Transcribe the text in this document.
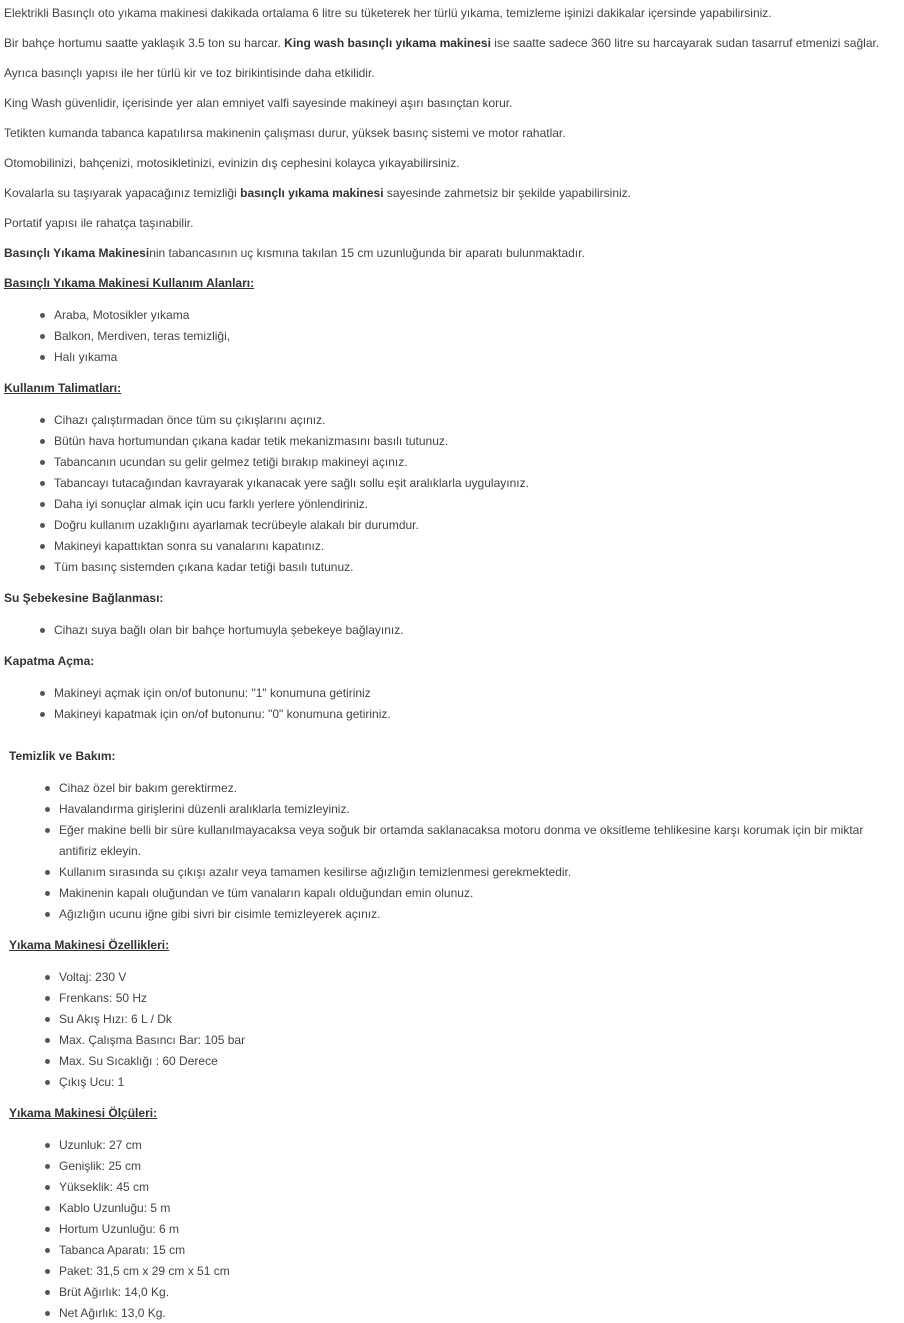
Elektrikli Basınçlı oto yıkama makinesi dakikada ortalama 6 litre su tüketerek her türlü yıkama, temizleme işinizi dakikalar içersinde yapabilirsiniz.
Bir bahçe hortumu saatte yaklaşık 3.5 ton su harcar. King wash basınçlı yıkama makinesi ise saatte sadece 360 litre su harcayarak sudan tasarruf etmenizi sağlar.
Ayrıca basınçlı yapısı ile her türlü kir ve toz birikintisinde daha etkilidir.
King Wash güvenlidir, içerisinde yer alan emniyet valfi sayesinde makineyi aşırı basınçtan korur.
Tetikten kumanda tabanca kapatılırsa makinenin çalışması durur, yüksek basınç sistemi ve motor rahatlar.
Otomobilinizi, bahçenizi, motosikletinizi, evinizin dış cephesini kolayca yıkayabilirsiniz.
Kovalarla su taşıyarak yapacağınız temizliği basınçlı yıkama makinesi sayesinde zahmetsiz bir şekilde yapabilirsiniz.
Portatif yapısı ile rahatça taşınabilir.
Basınçlı Yıkama Makinesinin tabancasının uç kısmına takılan 15 cm uzunluğunda bir aparatı bulunmaktadır.
Basınçlı Yıkama Makinesi Kullanım Alanları:
Kullanım Talimatları:
Su Şebekesine Bağlanması:
Kapatma Açma:
Temizlik ve Bakım:
Yıkama Makinesi Özellikleri:
Yıkama Makinesi Ölçüleri:
Araba, Motosikler yıkama
Balkon, Merdiven, teras temizliği,
Halı yıkama
Cihazı çalıştırmadan önce tüm su çıkışlarını açınız.
Bütün hava hortumundan çıkana kadar tetik mekanizmasını basılı tutunuz.
Tabancanın ucundan su gelir gelmez tetiği bırakıp makineyi açınız.
Tabancayı tutacağından kavrayarak yıkanacak yere sağlı sollu eşit aralıklarla uygulayınız.
Daha iyi sonuçlar almak için ucu farklı yerlere yönlendiriniz.
Doğru kullanım uzaklığını ayarlamak tecrübeyle alakalı bir durumdur.
Makineyi kapattıktan sonra su vanalarını kapatınız.
Tüm basınç sistemden çıkana kadar tetiği basılı tutunuz.
Cihazı suya bağlı olan bir bahçe hortumuyla şebekeye bağlayınız.
Makineyi açmak için on/of butonunu: "1" konumuna getiriniz
Makineyi kapatmak için on/of butonunu: "0" konumuna getiriniz.
Cihaz özel bir bakım gerektirmez.
Havalandırma girişlerini düzenli aralıklarla temizleyiniz.
Eğer makine belli bir süre kullanılmayacaksa veya soğuk bir ortamda saklanacaksa motoru donma ve oksitleme tehlikesine karşı korumak için bir miktar
antifiriz ekleyin.
Kullanım sırasında su çıkışı azalır veya tamamen kesilirse ağızlığın temizlenmesi gerekmektedir.
Makinenin kapalı oluğundan ve tüm vanaların kapalı olduğundan emin olunuz.
Ağızlığın ucunu iğne gibi sivri bir cisimle temizleyerek açınız.
Voltaj: 230 V
Frenkans: 50 Hz
Su Akış Hızı: 6 L / Dk
Max. Çalışma Basıncı Bar: 105 bar
Max. Su Sıcaklığı : 60 Derece
Çıkış Ucu: 1
Uzunluk: 27 cm
Genişlik: 25 cm
Yükseklik: 45 cm
Kablo Uzunluğu: 5 m
Hortum Uzunluğu: 6 m
Tabanca Aparatı: 15 cm
Paket: 31,5 cm x 29 cm x 51 cm
Brüt Ağırlık: 14,0 Kg.
Net Ağırlık: 13,0 Kg.
